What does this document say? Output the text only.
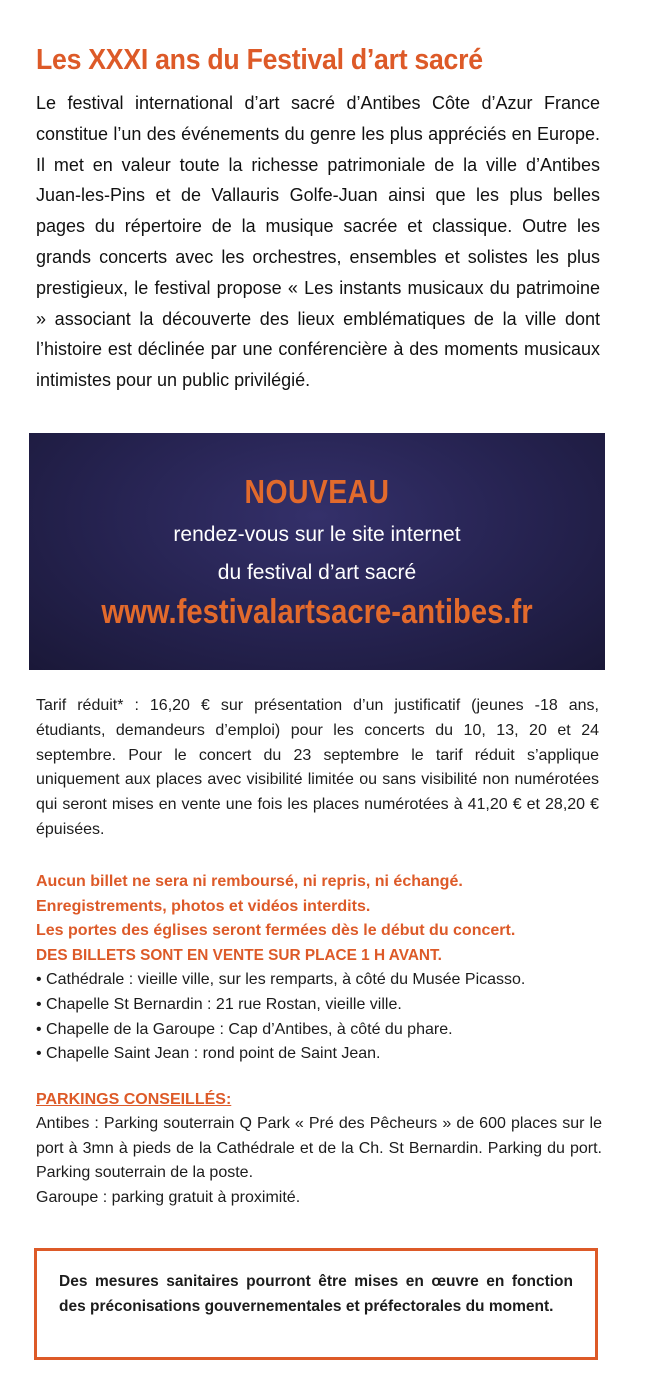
Les XXXI ans du Festival d’art sacré

Le festival international d’art sacré d’Antibes Côte d’Azur France constitue l’un des événements du genre les plus appréciés en Europe. Il met en valeur toute la richesse patrimoniale de la ville d’Antibes Juan-les-Pins et de Vallauris Golfe-Juan ainsi que les plus belles pages du répertoire de la musique sacrée et classique. Outre les grands concerts avec les orchestres, ensembles et solistes les plus prestigieux, le festival propose « Les instants musicaux du patrimoine » associant la découverte des lieux emblématiques de la ville dont l’histoire est déclinée par une conférencière à des moments musicaux intimistes pour un public privilégié.

NOUVEAU
rendez-vous sur le site internet
du festival d’art sacré
www.festivalartsacre-antibes.fr

Tarif réduit* : 16,20 € sur présentation d’un justificatif (jeunes -18 ans, étudiants, demandeurs d’emploi) pour les concerts du 10, 13, 20 et 24 septembre. Pour le concert du 23 septembre le tarif réduit s’applique uniquement aux places avec visibilité limitée ou sans visibilité non numérotées qui seront mises en vente une fois les places numérotées à 41,20 € et 28,20 € épuisées.

Aucun billet ne sera ni remboursé, ni repris, ni échangé.
Enregistrements, photos et vidéos interdits.
Les portes des églises seront fermées dès le début du concert.
DES BILLETS SONT EN VENTE SUR PLACE 1 H AVANT.
• Cathédrale : vieille ville, sur les remparts, à côté du Musée Picasso.
• Chapelle St Bernardin : 21 rue Rostan, vieille ville.
• Chapelle de la Garoupe : Cap d’Antibes, à côté du phare.
• Chapelle Saint Jean : rond point de Saint Jean.
PARKINGS CONSEILLÉS:

Antibes : Parking souterrain Q Park « Pré des Pêcheurs » de 600 places sur le port à 3mn à pieds de la Cathédrale et de la Ch. St Bernardin. Parking du port. Parking souterrain de la poste.

Garoupe : parking gratuit à proximité.

Des mesures sanitaires pourront être mises en œuvre en fonction des préconisations gouvernementales et préfectorales du moment.
